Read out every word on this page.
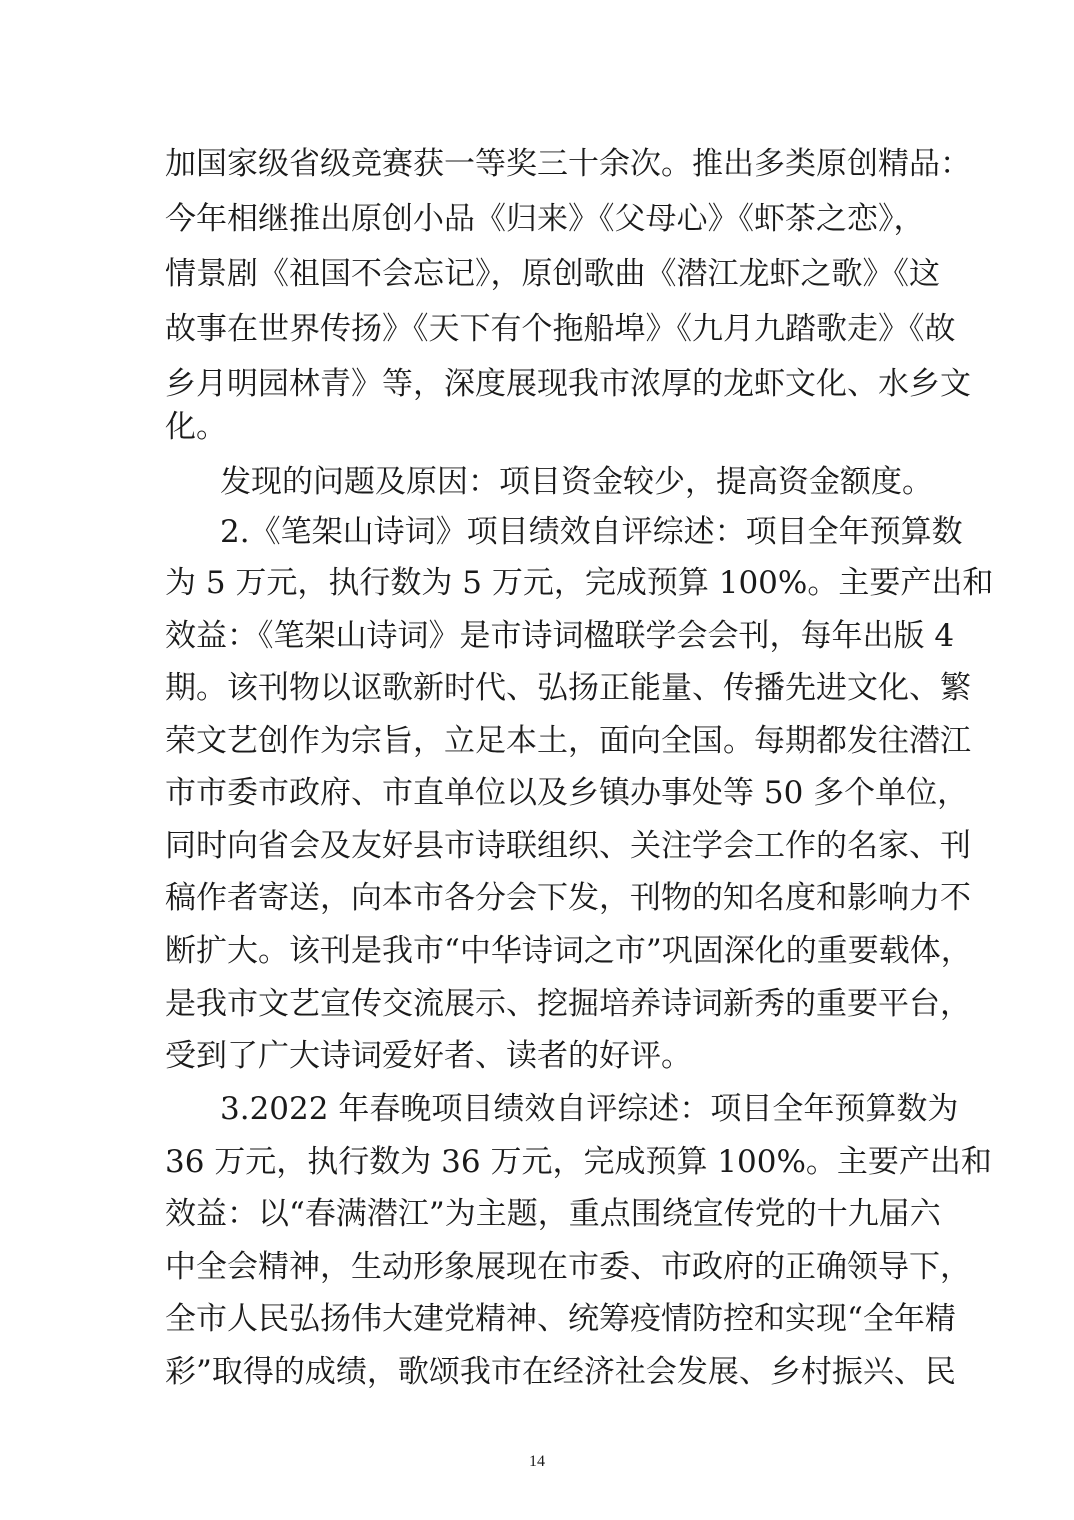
加国家级省级竞赛获一等奖三十余次。推出多类原创精品：
今年相继推出原创小品《归来》《父母心》《虾茶之恋》，
情景剧《祖国不会忘记》，原创歌曲《潜江龙虾之歌》《这
故事在世界传扬》《天下有个拖船埠》《九月九踏歌走》《故
乡月明园林青》等，深度展现我市浓厚的龙虾文化、水乡文
化。
发现的问题及原因：项目资金较少，提高资金额度。
2.《笔架山诗词》项目绩效自评综述：项目全年预算数
为 5 万元，执行数为 5 万元，完成预算 100%。主要产出和
效益：《笔架山诗词》是市诗词楹联学会会刊，每年出版 4
期。该刊物以讴歌新时代、弘扬正能量、传播先进文化、繁
荣文艺创作为宗旨，立足本土，面向全国。每期都发往潜江
市市委市政府、市直单位以及乡镇办事处等 50 多个单位，
同时向省会及友好县市诗联组织、关注学会工作的名家、刊
稿作者寄送，向本市各分会下发，刊物的知名度和影响力不
断扩大。该刊是我市“中华诗词之市”巩固深化的重要载体，
是我市文艺宣传交流展示、挖掘培养诗词新秀的重要平台，
受到了广大诗词爱好者、读者的好评。
3.2022 年春晚项目绩效自评综述：项目全年预算数为
36 万元，执行数为 36 万元，完成预算 100%。主要产出和
效益：以“春满潜江”为主题，重点围绕宣传党的十九届六
中全会精神，生动形象展现在市委、市政府的正确领导下，
全市人民弘扬伟大建党精神、统筹疫情防控和实现“全年精
彩”取得的成绩，歌颂我市在经济社会发展、乡村振兴、民
14
